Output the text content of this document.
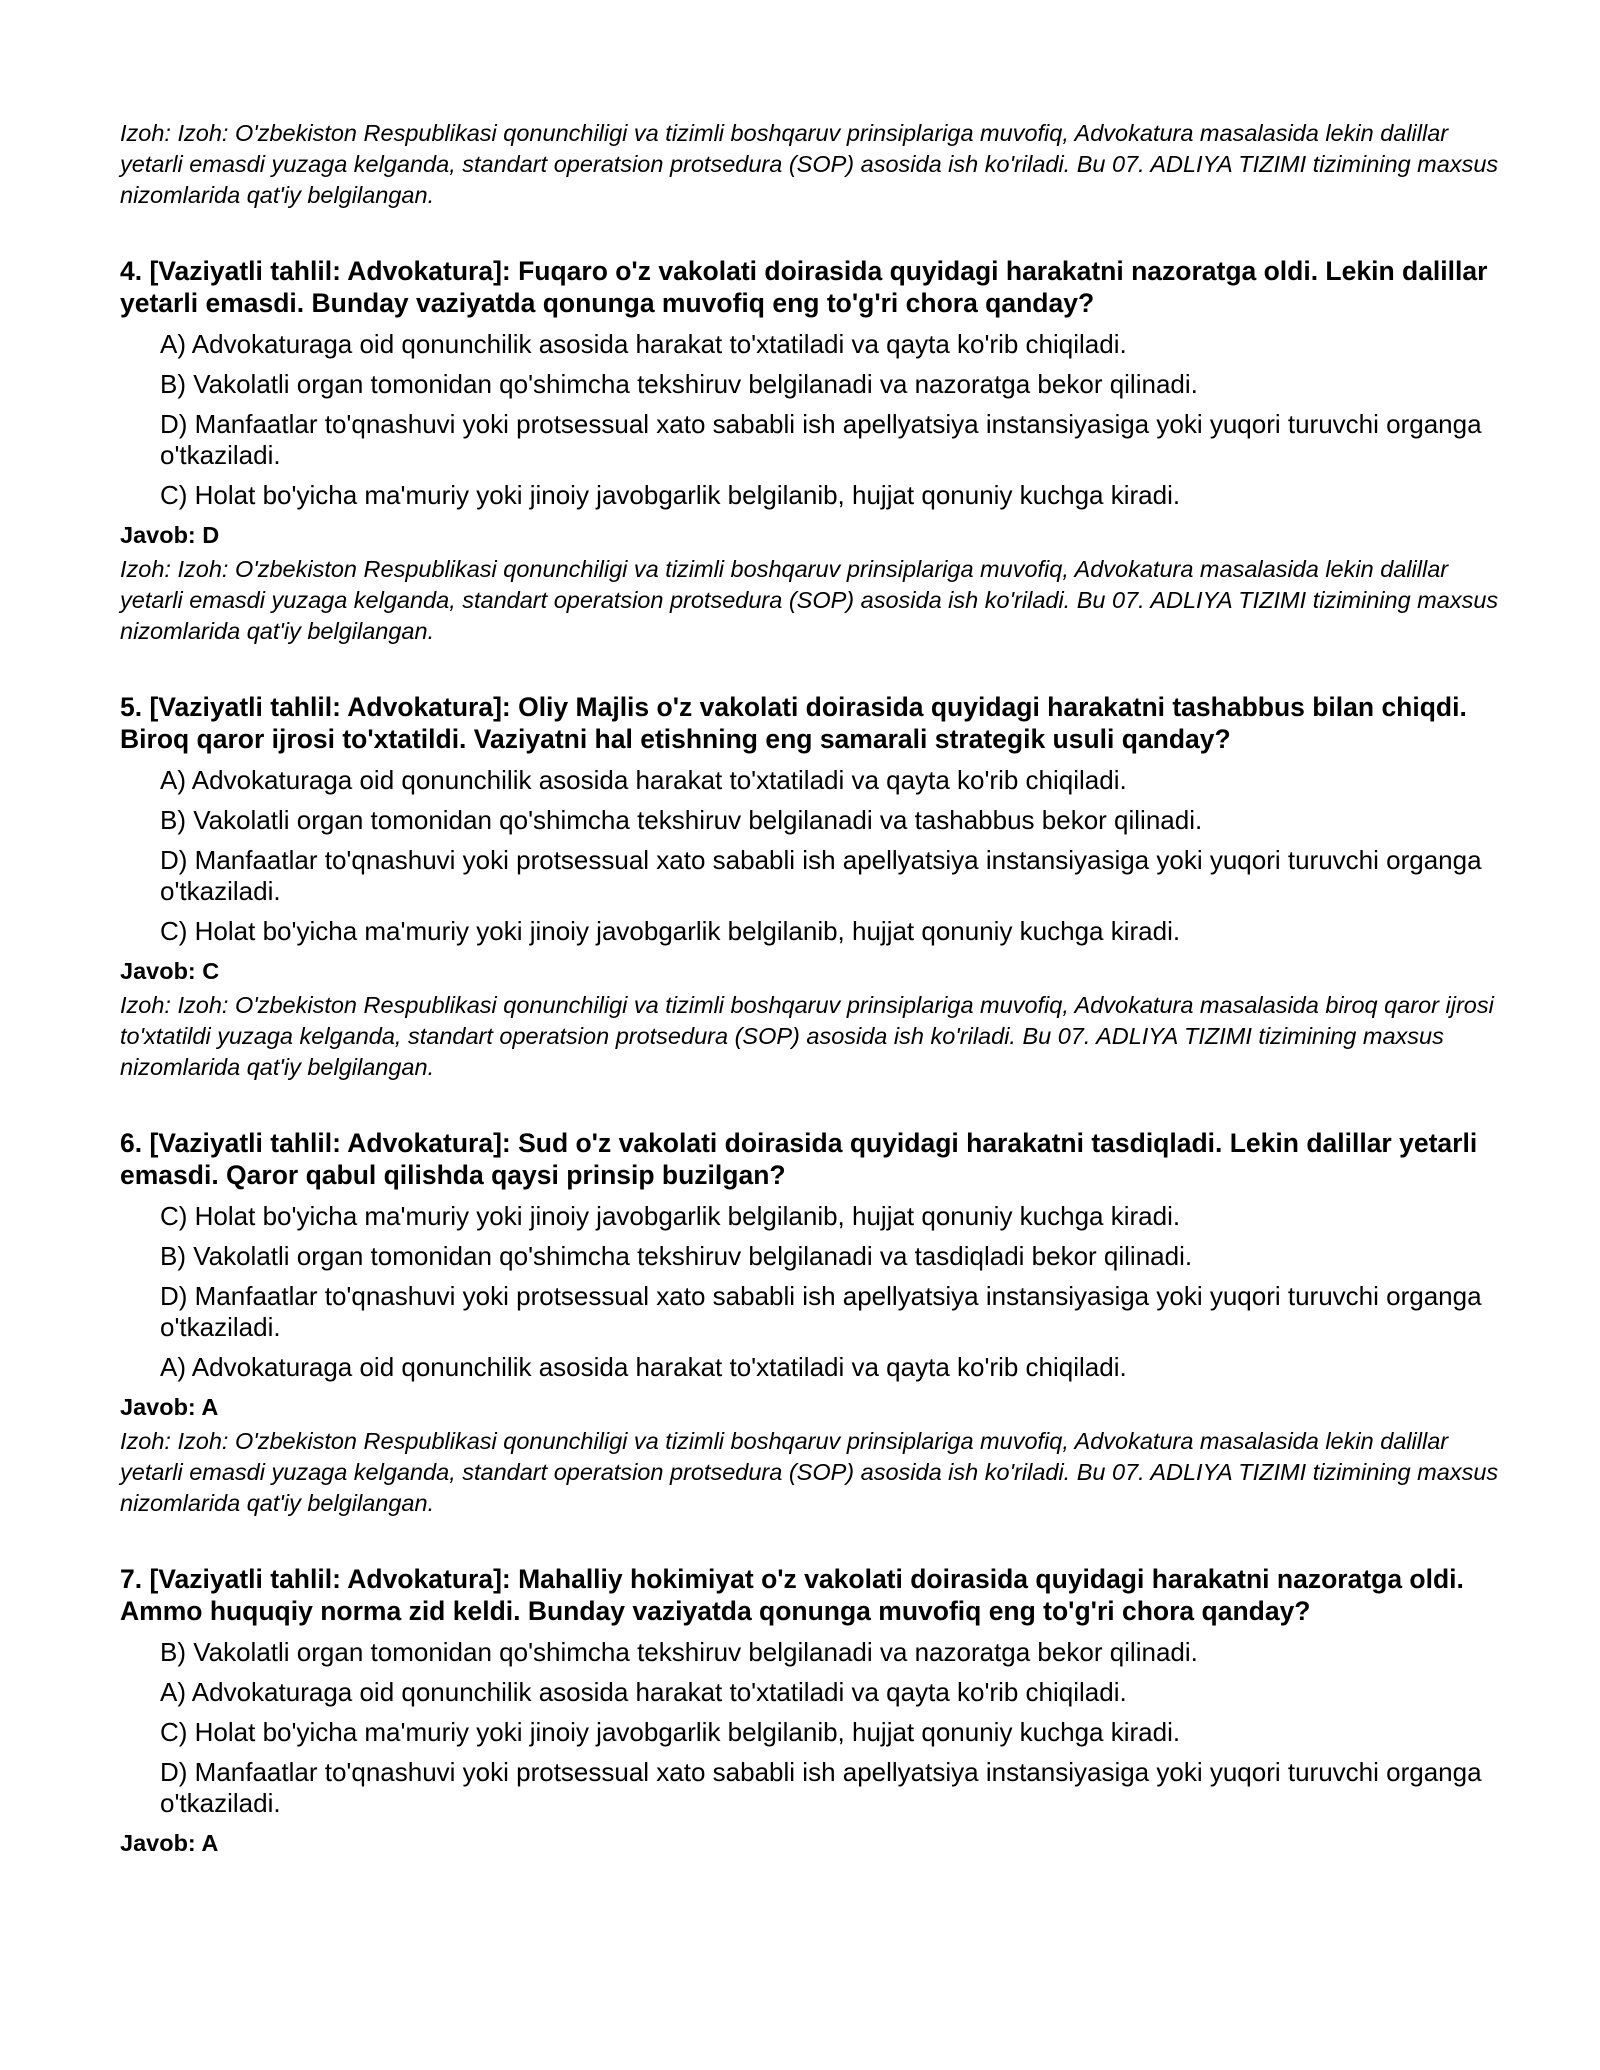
Izoh: Izoh: O'zbekiston Respublikasi qonunchiligi va tizimli boshqaruv prinsiplariga muvofiq, Advokatura masalasida lekin dalillar yetarli emasdi yuzaga kelganda, standart operatsion protsedura (SOP) asosida ish ko'riladi. Bu 07. ADLIYA TIZIMI tizimining maxsus nizomlarida qat'iy belgilangan.

4. [Vaziyatli tahlil: Advokatura]: Fuqaro o'z vakolati doirasida quyidagi harakatni nazoratga oldi. Lekin dalillar yetarli emasdi. Bunday vaziyatda qonunga muvofiq eng to'g'ri chora qanday?

A) Advokaturaga oid qonunchilik asosida harakat to'xtatiladi va qayta ko'rib chiqiladi.
B) Vakolatli organ tomonidan qo'shimcha tekshiruv belgilanadi va nazoratga bekor qilinadi.
D) Manfaatlar to'qnashuvi yoki protsessual xato sababli ish apellyatsiya instansiyasiga yoki yuqori turuvchi organga o'tkaziladi.
C) Holat bo'yicha ma'muriy yoki jinoiy javobgarlik belgilanib, hujjat qonuniy kuchga kiradi.

Javob: D

Izoh: Izoh: O'zbekiston Respublikasi qonunchiligi va tizimli boshqaruv prinsiplariga muvofiq, Advokatura masalasida lekin dalillar yetarli emasdi yuzaga kelganda, standart operatsion protsedura (SOP) asosida ish ko'riladi. Bu 07. ADLIYA TIZIMI tizimining maxsus nizomlarida qat'iy belgilangan.

5. [Vaziyatli tahlil: Advokatura]: Oliy Majlis o'z vakolati doirasida quyidagi harakatni tashabbus bilan chiqdi. Biroq qaror ijrosi to'xtatildi. Vaziyatni hal etishning eng samarali strategik usuli qanday?

A) Advokaturaga oid qonunchilik asosida harakat to'xtatiladi va qayta ko'rib chiqiladi.
B) Vakolatli organ tomonidan qo'shimcha tekshiruv belgilanadi va tashabbus bekor qilinadi.
D) Manfaatlar to'qnashuvi yoki protsessual xato sababli ish apellyatsiya instansiyasiga yoki yuqori turuvchi organga o'tkaziladi.
C) Holat bo'yicha ma'muriy yoki jinoiy javobgarlik belgilanib, hujjat qonuniy kuchga kiradi.

Javob: C

Izoh: Izoh: O'zbekiston Respublikasi qonunchiligi va tizimli boshqaruv prinsiplariga muvofiq, Advokatura masalasida biroq qaror ijrosi to'xtatildi yuzaga kelganda, standart operatsion protsedura (SOP) asosida ish ko'riladi. Bu 07. ADLIYA TIZIMI tizimining maxsus nizomlarida qat'iy belgilangan.

6. [Vaziyatli tahlil: Advokatura]: Sud o'z vakolati doirasida quyidagi harakatni tasdiqladi. Lekin dalillar yetarli emasdi. Qaror qabul qilishda qaysi prinsip buzilgan?

C) Holat bo'yicha ma'muriy yoki jinoiy javobgarlik belgilanib, hujjat qonuniy kuchga kiradi.
B) Vakolatli organ tomonidan qo'shimcha tekshiruv belgilanadi va tasdiqladi bekor qilinadi.
D) Manfaatlar to'qnashuvi yoki protsessual xato sababli ish apellyatsiya instansiyasiga yoki yuqori turuvchi organga o'tkaziladi.
A) Advokaturaga oid qonunchilik asosida harakat to'xtatiladi va qayta ko'rib chiqiladi.

Javob: A

Izoh: Izoh: O'zbekiston Respublikasi qonunchiligi va tizimli boshqaruv prinsiplariga muvofiq, Advokatura masalasida lekin dalillar yetarli emasdi yuzaga kelganda, standart operatsion protsedura (SOP) asosida ish ko'riladi. Bu 07. ADLIYA TIZIMI tizimining maxsus nizomlarida qat'iy belgilangan.

7. [Vaziyatli tahlil: Advokatura]: Mahalliy hokimiyat o'z vakolati doirasida quyidagi harakatni nazoratga oldi. Ammo huquqiy norma zid keldi. Bunday vaziyatda qonunga muvofiq eng to'g'ri chora qanday?

B) Vakolatli organ tomonidan qo'shimcha tekshiruv belgilanadi va nazoratga bekor qilinadi.
A) Advokaturaga oid qonunchilik asosida harakat to'xtatiladi va qayta ko'rib chiqiladi.
C) Holat bo'yicha ma'muriy yoki jinoiy javobgarlik belgilanib, hujjat qonuniy kuchga kiradi.
D) Manfaatlar to'qnashuvi yoki protsessual xato sababli ish apellyatsiya instansiyasiga yoki yuqori turuvchi organga o'tkaziladi.

Javob: A
